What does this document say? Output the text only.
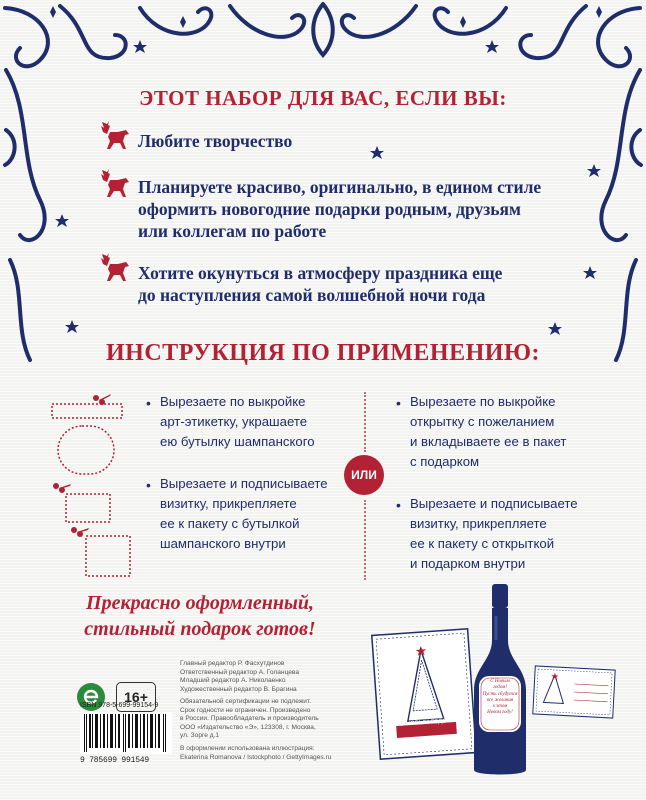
ЭТОТ НАБОР ДЛЯ ВАС, ЕСЛИ ВЫ:
Любите творчество
Планируете красиво, оригинально, в едином стиле
оформить новогодние подарки родным, друзьям
или коллегам по работе
Хотите окунуться в атмосферу праздника еще
до наступления самой волшебной ночи года
ИНСТРУКЦИЯ ПО ПРИМЕНЕНИЮ:
• Вырезаете по выкройке
арт-этикетку, украшаете
ею бутылку шампанского
• Вырезаете и подписываете
визитку, прикрепляете
ее к пакету с бутылкой
шампанского внутри
ИЛИ
• Вырезаете по выкройке
открытку с пожеланием
и вкладываете ее в пакет
с подарком
• Вырезаете и подписываете
визитку, прикрепляете
ее к пакету с открыткой
и подарком внутри
Прекрасно оформленный,
стильный подарок готов!
16+
Главный редактор Р. Фасхутдинов
Ответственный редактор А. Голанцева
Младший редактор А. Николаенко
Художественный редактор В. Брагина
Обязательной сертификации не подлежит.
Срок годности не ограничен. Произведено
в России. Правообладатель и производитель
ООО «Издательство «Э», 123308, г. Москва,
ул. Зорге д.1
В оформлении использована иллюстрация:
Ekaterina Romanova / Istockphoto / GettyImages.ru
ISBN 978-5-699-99154-9
9 785699 991549
С НОВЫМ ГОДОМ
С Новым
годом!
Пусть сбудутся
все желания
в этом
Новом году!
